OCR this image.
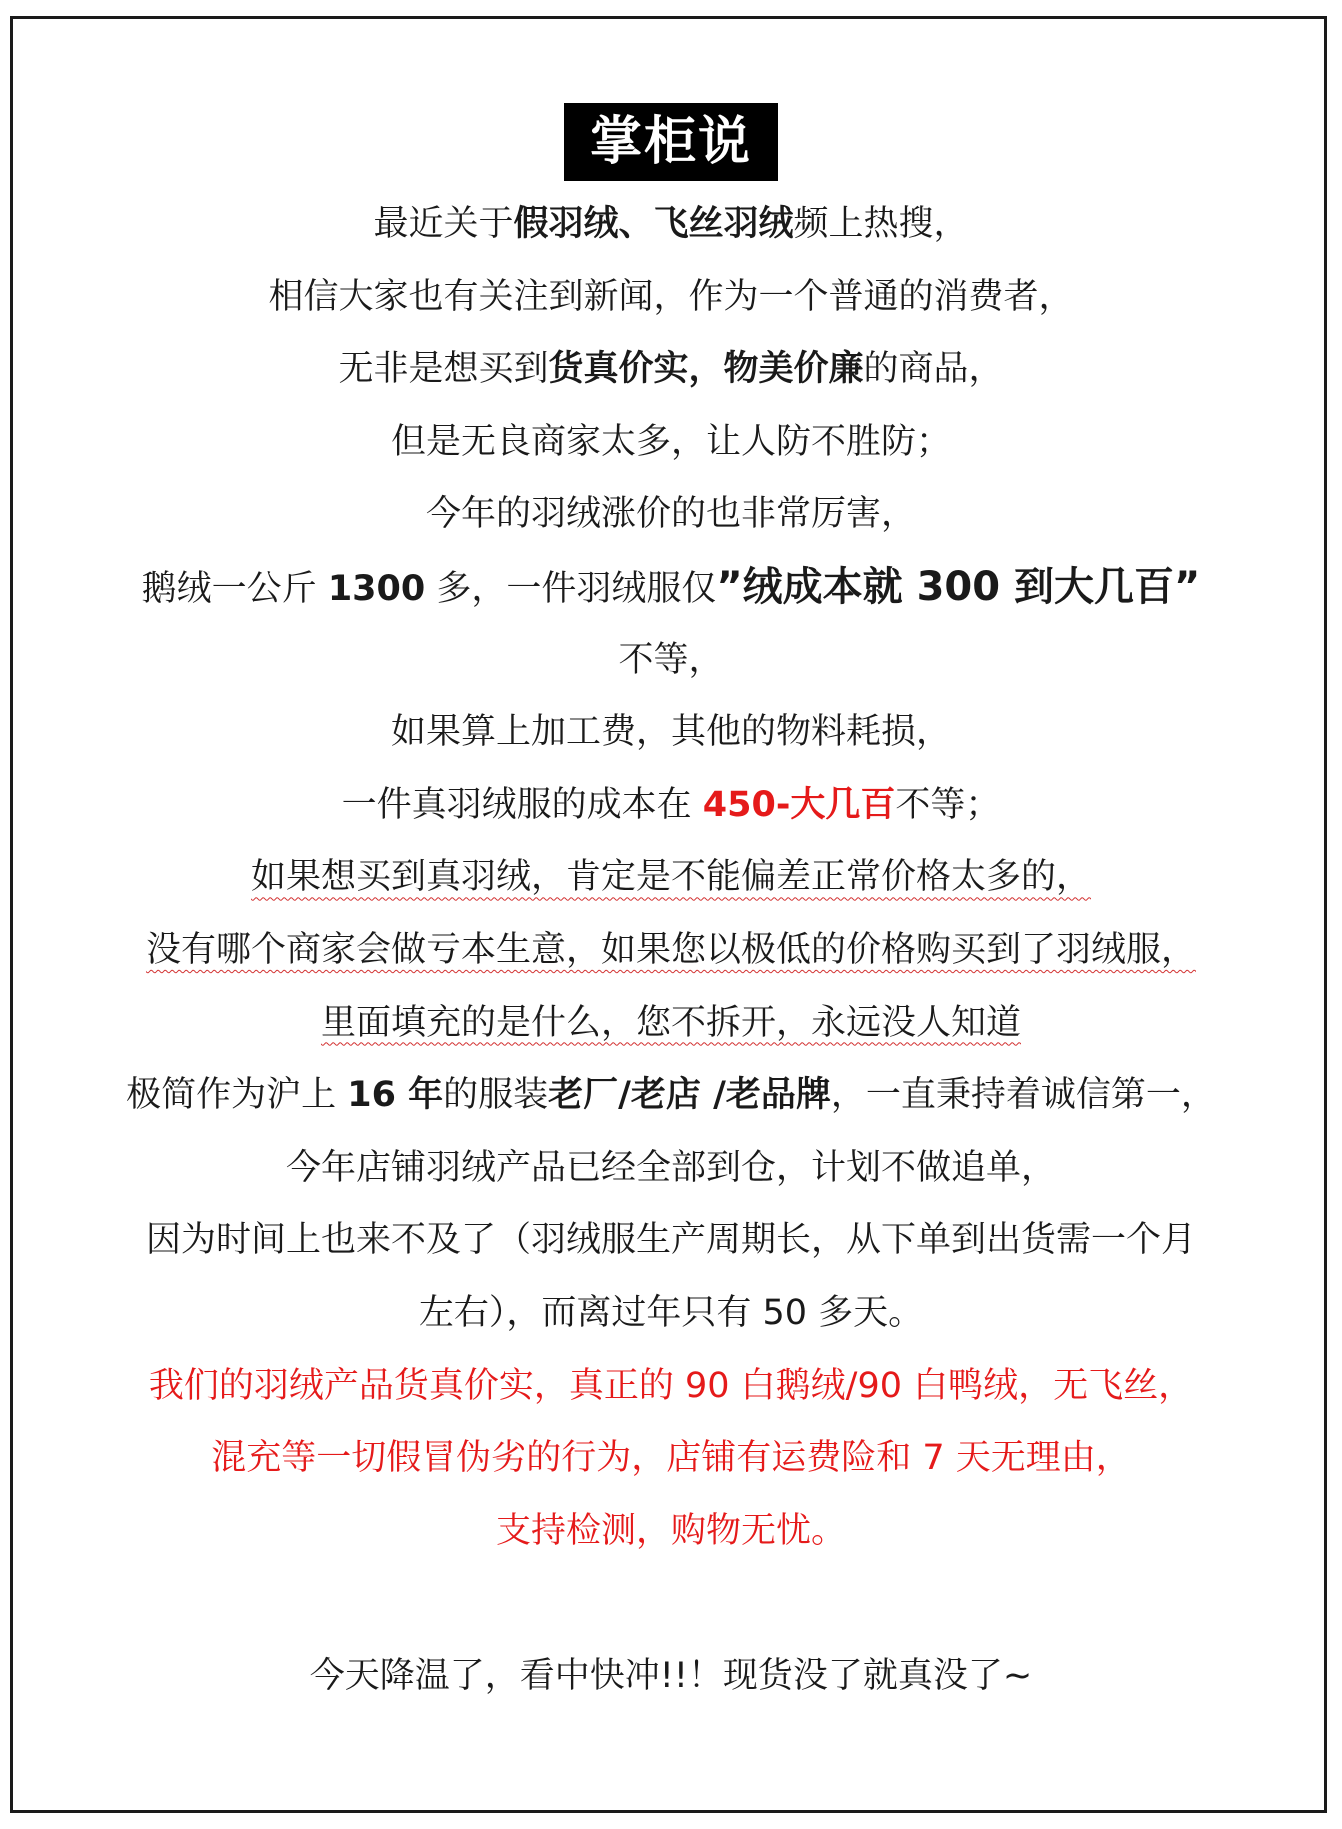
掌柜说
最近关于假羽绒、飞丝羽绒频上热搜，
相信大家也有关注到新闻，作为一个普通的消费者，
无非是想买到货真价实，物美价廉的商品，
但是无良商家太多，让人防不胜防；
今年的羽绒涨价的也非常厉害，
鹅绒一公斤 1300 多，一件羽绒服仅”绒成本就 300 到大几百”
不等，
如果算上加工费，其他的物料耗损，
一件真羽绒服的成本在 450-大几百不等；
如果想买到真羽绒，肯定是不能偏差正常价格太多的，
没有哪个商家会做亏本生意，如果您以极低的价格购买到了羽绒服，
里面填充的是什么，您不拆开，永远没人知道
极简作为沪上 16 年的服装老厂/老店 /老品牌，一直秉持着诚信第一，
今年店铺羽绒产品已经全部到仓，计划不做追单，
因为时间上也来不及了（羽绒服生产周期长，从下单到出货需一个月
左右），而离过年只有 50 多天。
我们的羽绒产品货真价实，真正的 90 白鹅绒/90 白鸭绒，无飞丝，
混充等一切假冒伪劣的行为，店铺有运费险和 7 天无理由，
支持检测，购物无忧。
今天降温了，看中快冲!!！现货没了就真没了~
